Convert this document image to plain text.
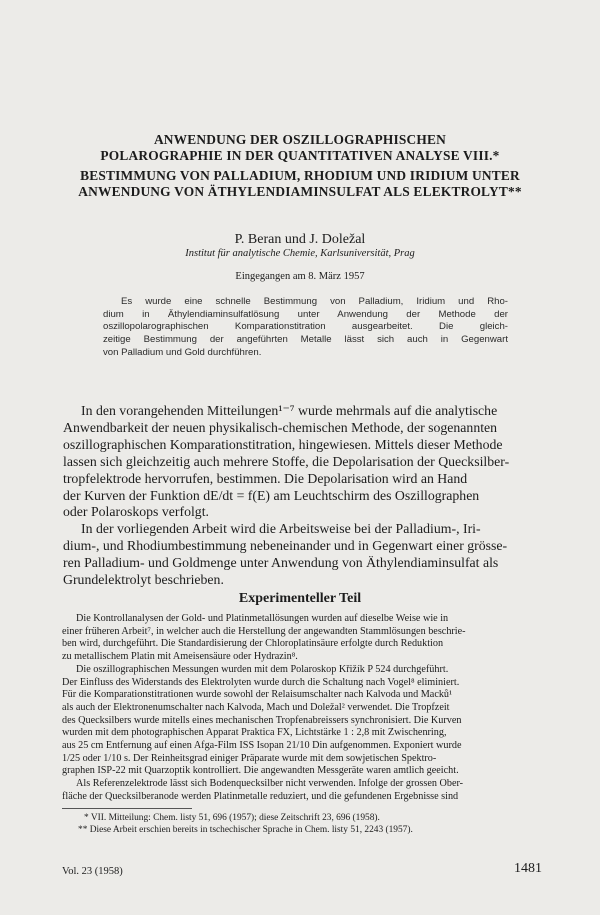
ANWENDUNG DER OSZILLOGRAPHISCHEN
POLAROGRAPHIE IN DER QUANTITATIVEN ANALYSE VIII.*
BESTIMMUNG VON PALLADIUM, RHODIUM UND IRIDIUM UNTER
ANWENDUNG VON ÄTHYLENDIAMINSULFAT ALS ELEKTROLYT**
P. Beran und J. Doležal
Institut für analytische Chemie, Karlsuniversität, Prag
Eingegangen am 8. März 1957
Es wurde eine schnelle Bestimmung von Palladium, Iridium und Rho-
dium in Äthylendiaminsulfatlösung unter Anwendung der Methode der
oszillopolarographischen Komparationstitration ausgearbeitet. Die gleich-
zeitige Bestimmung der angeführten Metalle lässt sich auch in Gegenwart
von Palladium und Gold durchführen.
In den vorangehenden Mitteilungen¹⁻⁷ wurde mehrmals auf die analytische
Anwendbarkeit der neuen physikalisch-chemischen Methode, der sogenannten
oszillographischen Komparationstitration, hingewiesen. Mittels dieser Methode
lassen sich gleichzeitig auch mehrere Stoffe, die Depolarisation der Quecksilber-
tropfelektrode hervorrufen, bestimmen. Die Depolarisation wird an Hand
der Kurven der Funktion dE/dt = f(E) am Leuchtschirm des Oszillographen
oder Polaroskops verfolgt.
In der vorliegenden Arbeit wird die Arbeitsweise bei der Palladium-, Iri-
dium-, und Rhodiumbestimmung nebeneinander und in Gegenwart einer grösse-
ren Palladium- und Goldmenge unter Anwendung von Äthylendiaminsulfat als
Grundelektrolyt beschrieben.
Experimenteller Teil
Die Kontrollanalysen der Gold- und Platinmetallösungen wurden auf dieselbe Weise wie in
einer früheren Arbeit⁷, in welcher auch die Herstellung der angewandten Stammlösungen beschrie-
ben wird, durchgeführt. Die Standardisierung der Chloroplatinsäure erfolgte durch Reduktion
zu metallischem Platin mit Ameisensäure oder Hydrazin⁸.
Die oszillographischen Messungen wurden mit dem Polaroskop Křižík P 524 durchgeführt.
Der Einfluss des Widerstands des Elektrolyten wurde durch die Schaltung nach Vogel⁸ eliminiert.
Für die Komparationstitrationen wurde sowohl der Relaisumschalter nach Kalvoda und Macků¹
als auch der Elektronenumschalter nach Kalvoda, Mach und Doležal² verwendet. Die Tropfzeit
des Quecksilbers wurde mitells eines mechanischen Tropfenabreissers synchronisiert. Die Kurven
wurden mit dem photographischen Apparat Praktica FX, Lichtstärke 1 : 2,8 mit Zwischenring,
aus 25 cm Entfernung auf einen Afga-Film ISS Isopan 21/10 Din aufgenommen. Exponiert wurde
1/25 oder 1/10 s. Der Reinheitsgrad einiger Präparate wurde mit dem sowjetischen Spektro-
graphen ISP-22 mit Quarzoptik kontrolliert. Die angewandten Messgeräte waren amtlich geeicht.
Als Referenzelektrode lässt sich Bodenquecksilber nicht verwenden. Infolge der grossen Ober-
fläche der Quecksilberanode werden Platinmetalle reduziert, und die gefundenen Ergebnisse sind
* VII. Mitteilung: Chem. listy 51, 696 (1957); diese Zeitschrift 23, 696 (1958).
** Diese Arbeit erschien bereits in tschechischer Sprache in Chem. listy 51, 2243 (1957).
Vol. 23 (1958)	1481
